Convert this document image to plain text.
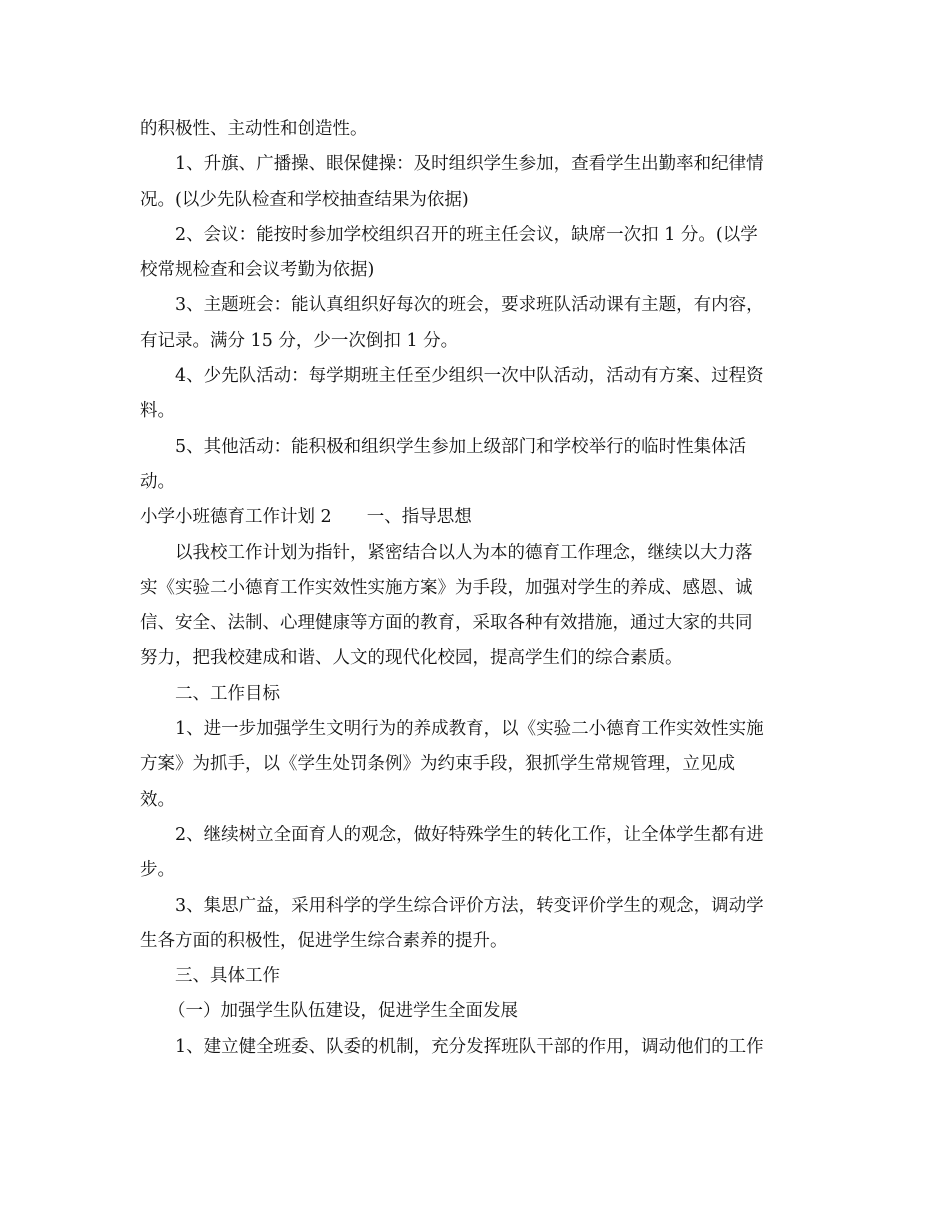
的积极性、主动性和创造性。
1、升旗、广播操、眼保健操：及时组织学生参加，查看学生出勤率和纪律情
况。(以少先队检查和学校抽查结果为依据)
2、会议：能按时参加学校组织召开的班主任会议，缺席一次扣 1 分。(以学
校常规检查和会议考勤为依据)
3、主题班会：能认真组织好每次的班会，要求班队活动课有主题，有内容，
有记录。满分 15 分，少一次倒扣 1 分。
4、少先队活动：每学期班主任至少组织一次中队活动，活动有方案、过程资
料。
5、其他活动：能积极和组织学生参加上级部门和学校举行的临时性集体活
动。
小学小班德育工作计划 2　　一、指导思想
以我校工作计划为指针，紧密结合以人为本的德育工作理念，继续以大力落
实《实验二小德育工作实效性实施方案》为手段，加强对学生的养成、感恩、诚
信、安全、法制、心理健康等方面的教育，采取各种有效措施，通过大家的共同
努力，把我校建成和谐、人文的现代化校园，提高学生们的综合素质。
二、工作目标
1、进一步加强学生文明行为的养成教育，以《实验二小德育工作实效性实施
方案》为抓手，以《学生处罚条例》为约束手段，狠抓学生常规管理，立见成
效。
2、继续树立全面育人的观念，做好特殊学生的转化工作，让全体学生都有进
步。
3、集思广益，采用科学的学生综合评价方法，转变评价学生的观念，调动学
生各方面的积极性，促进学生综合素养的提升。
三、具体工作
（一）加强学生队伍建设，促进学生全面发展
1、建立健全班委、队委的机制，充分发挥班队干部的作用，调动他们的工作
